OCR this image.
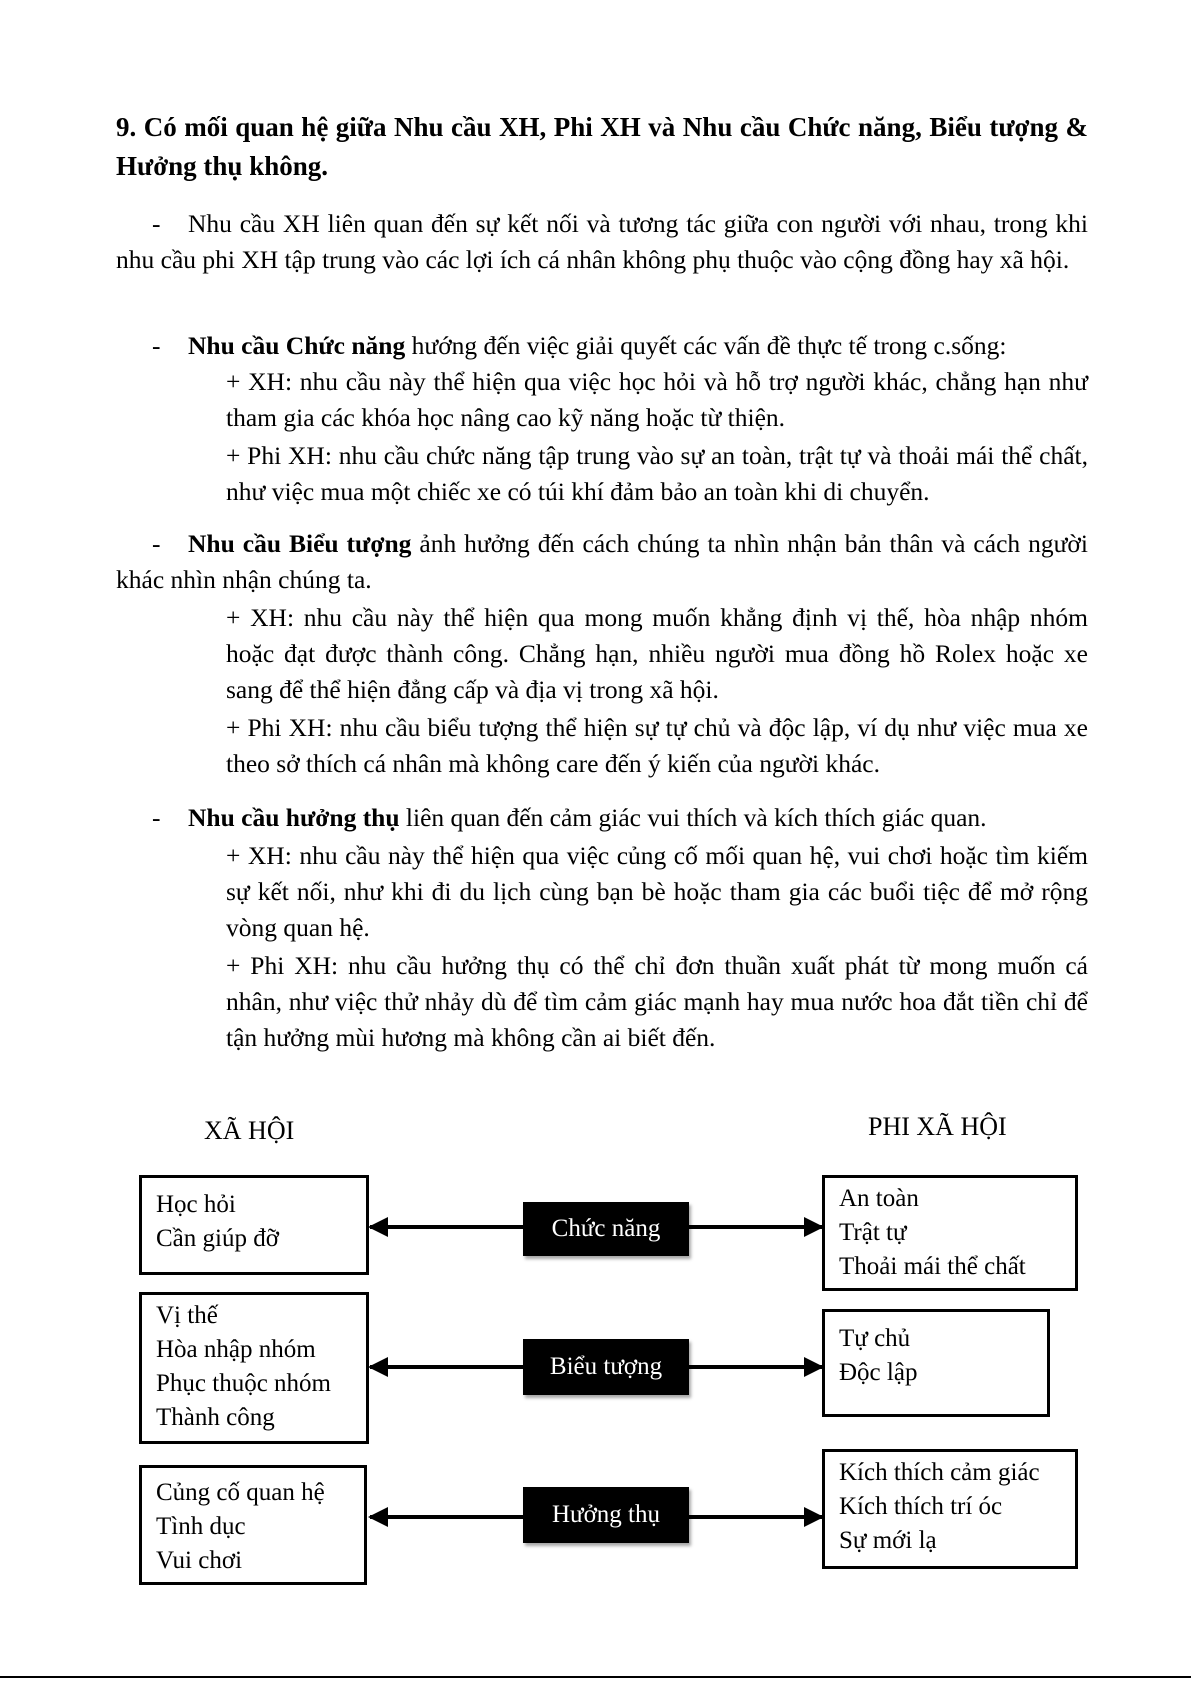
9. Có mối quan hệ giữa Nhu cầu XH, Phi XH và Nhu cầu Chức năng, Biểu tượng & Hưởng thụ không.
-	Nhu cầu XH liên quan đến sự kết nối và tương tác giữa con người với nhau, trong khi nhu cầu phi XH tập trung vào các lợi ích cá nhân không phụ thuộc vào cộng đồng hay xã hội.

-	Nhu cầu Chức năng hướng đến việc giải quyết các vấn đề thực tế trong c.sống:

+ XH: nhu cầu này thể hiện qua việc học hỏi và hỗ trợ người khác, chẳng hạn như tham gia các khóa học nâng cao kỹ năng hoặc từ thiện.

+ Phi XH: nhu cầu chức năng tập trung vào sự an toàn, trật tự và thoải mái thể chất, như việc mua một chiếc xe có túi khí đảm bảo an toàn khi di chuyển.

-	Nhu cầu Biểu tượng ảnh hưởng đến cách chúng ta nhìn nhận bản thân và cách người khác nhìn nhận chúng ta.

+ XH: nhu cầu này thể hiện qua mong muốn khẳng định vị thế, hòa nhập nhóm hoặc đạt được thành công. Chẳng hạn, nhiều người mua đồng hồ Rolex hoặc xe sang để thể hiện đẳng cấp và địa vị trong xã hội.

+ Phi XH: nhu cầu biểu tượng thể hiện sự tự chủ và độc lập, ví dụ như việc mua xe theo sở thích cá nhân mà không care đến ý kiến của người khác.

-	Nhu cầu hưởng thụ liên quan đến cảm giác vui thích và kích thích giác quan.

+ XH: nhu cầu này thể hiện qua việc củng cố mối quan hệ, vui chơi hoặc tìm kiếm sự kết nối, như khi đi du lịch cùng bạn bè hoặc tham gia các buổi tiệc để mở rộng vòng quan hệ.

+ Phi XH: nhu cầu hưởng thụ có thể chỉ đơn thuần xuất phát từ mong muốn cá nhân, như việc thử nhảy dù để tìm cảm giác mạnh hay mua nước hoa đắt tiền chỉ để tận hưởng mùi hương mà không cần ai biết đến.

XÃ HỘI	PHI XÃ HỘI
Học hỏi
Cần giúp đỡ	Chức năng
An toàn
Trật tự
Thoải mái thể chất
Vị thế
Hòa nhập nhóm
Phục thuộc nhóm
Thành công
Biểu tượng
Tự chủ
Độc lập
Củng cố quan hệ
Tình dục
Vui chơi
Hưởng thụ
Kích thích cảm giác
Kích thích trí óc
Sự mới lạ
